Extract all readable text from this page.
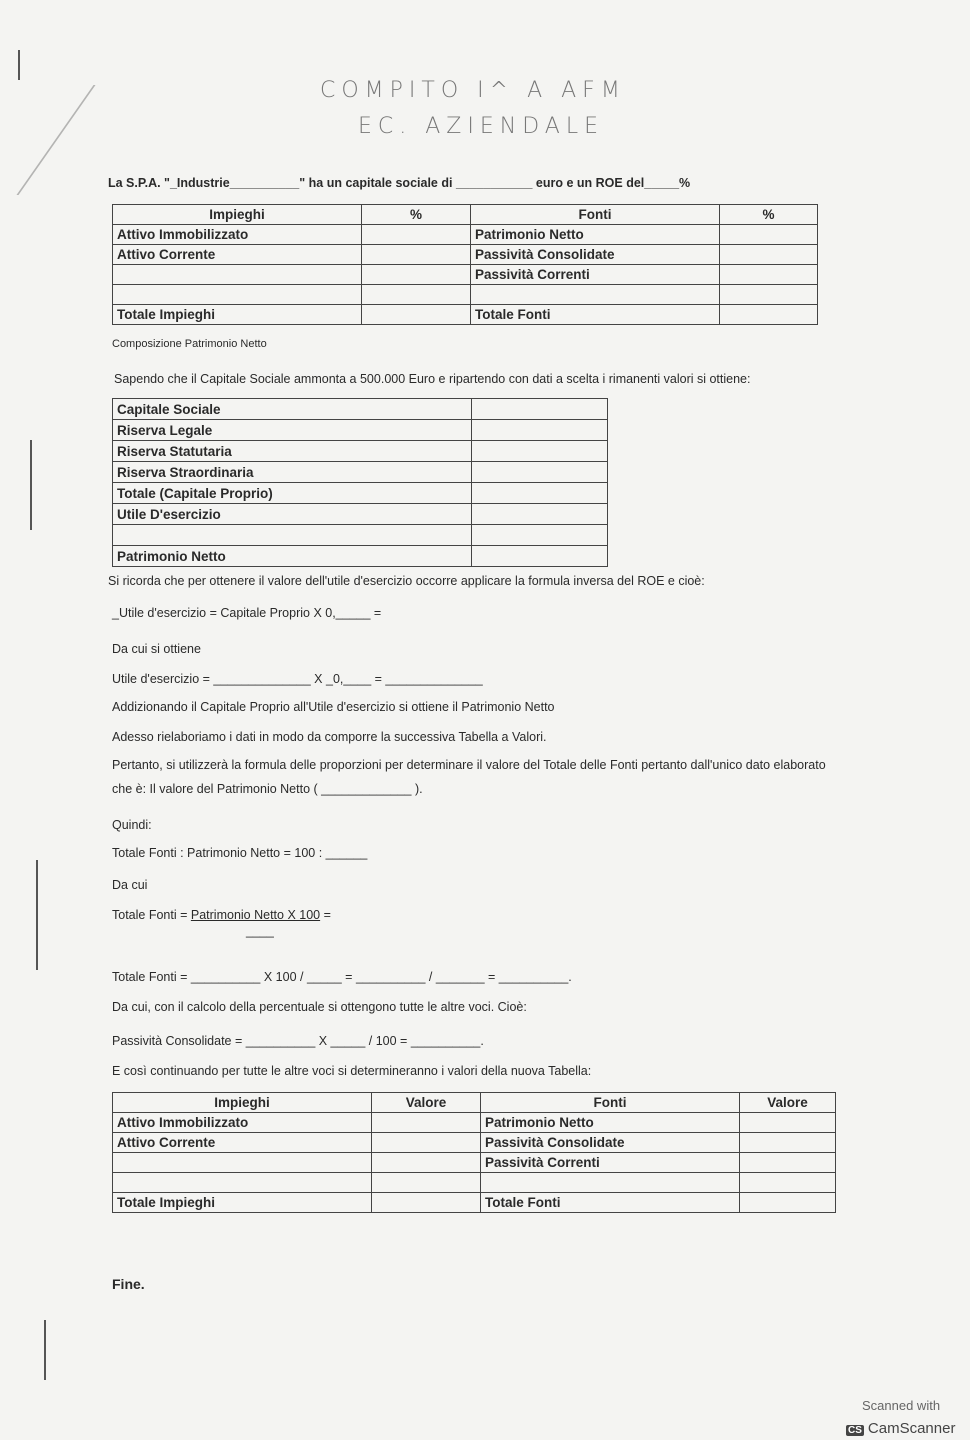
COMPITO I^ A AFM
EC. AZIENDALE
La S.P.A. "_Industrie__________" ha un capitale sociale di ___________ euro e un ROE del_____%
Impieghi	%	Fonti	%
Attivo Immobilizzato		Patrimonio Netto	
Attivo Corrente		Passività Consolidate	
		Passività Correnti	

Totale Impieghi		Totale Fonti	
Composizione Patrimonio Netto
Sapendo che il Capitale Sociale ammonta a 500.000 Euro e ripartendo con dati a scelta i rimanenti valori si ottiene:
Capitale Sociale	
Riserva Legale	
Riserva Statutaria	
Riserva Straordinaria	
Totale (Capitale Proprio)	
Utile D'esercizio	

Patrimonio Netto	
Si ricorda che per ottenere il valore dell'utile d'esercizio occorre applicare la formula inversa del ROE e cioè:
_Utile d'esercizio = Capitale Proprio X 0,_____ =
Da cui si ottiene
Utile d'esercizio = ______________ X _0,____ = ______________
Addizionando il Capitale Proprio all'Utile d'esercizio si ottiene il Patrimonio Netto
Adesso rielaboriamo i dati in modo da comporre la successiva Tabella a Valori.
Pertanto, si utilizzerà la formula delle proporzioni per determinare il valore del Totale delle Fonti pertanto dall'unico dato elaborato
che è: Il valore del Patrimonio Netto ( _____________ ).
Quindi:
Totale Fonti : Patrimonio Netto = 100 : ______
Da cui
Totale Fonti = Patrimonio Netto X 100 =
____
Totale Fonti = __________ X 100 / _____ = __________ / _______ = __________.
Da cui, con il calcolo della percentuale si ottengono tutte le altre voci. Cioè:
Passività Consolidate = __________ X _____ / 100 = __________.
E così continuando per tutte le altre voci si determineranno i valori della nuova Tabella:
Impieghi	Valore	Fonti	Valore
Attivo Immobilizzato		Patrimonio Netto	
Attivo Corrente		Passività Consolidate	
		Passività Correnti	

Totale Impieghi		Totale Fonti	
Fine.
Scanned with
CS CamScanner
